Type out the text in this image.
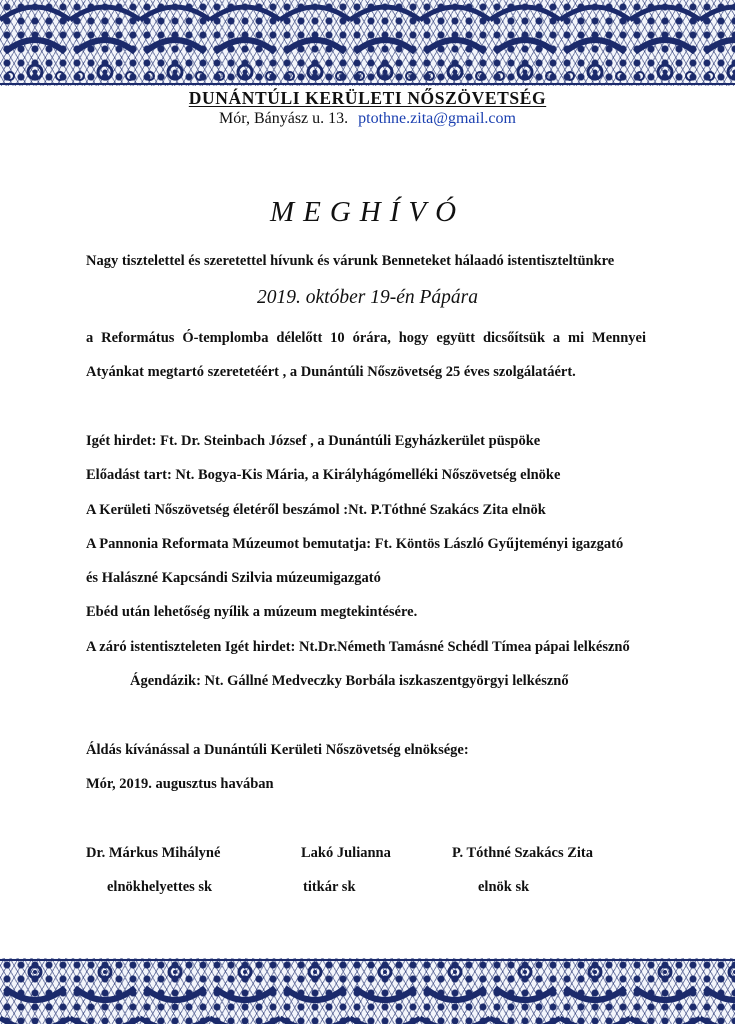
DUNÁNTÚLI KERÜLETI NŐSZÖVETSÉG
Mór, Bányász u. 13. ptothne.zita@gmail.com
MEGHÍVÓ
Nagy tisztelettel és szeretettel hívunk és várunk Benneteket hálaadó istentiszteltünkre
2019. október 19-én Pápára
a Református Ó-templomba délelőtt 10 órára, hogy együtt dicsőítsük a mi Mennyei
Atyánkat megtartó szeretetéért , a Dunántúli Nőszövetség 25 éves szolgálatáért.
Igét hirdet: Ft. Dr. Steinbach József , a Dunántúli Egyházkerület püspöke
Előadást tart: Nt. Bogya-Kis Mária, a Királyhágómelléki Nőszövetség elnöke
A Kerületi Nőszövetség életéről beszámol :Nt. P.Tóthné Szakács Zita elnök
A Pannonia Reformata Múzeumot bemutatja: Ft. Köntös László Gyűjteményi igazgató
és Halászné Kapcsándi Szilvia múzeumigazgató
Ebéd után lehetőség nyílik a múzeum megtekintésére.
A záró istentiszteleten Igét hirdet: Nt.Dr.Németh Tamásné Schédl Tímea pápai lelkésznő
Ágendázik: Nt. Gállné Medveczky Borbála iszkaszentgyörgyi lelkésznő
Áldás kívánással a Dunántúli Kerületi Nőszövetség elnöksége:
Mór, 2019. augusztus havában
Dr. Márkus Mihályné	Lakó Julianna	P. Tóthné Szakács Zita
elnökhelyettes sk	titkár sk	elnök sk
